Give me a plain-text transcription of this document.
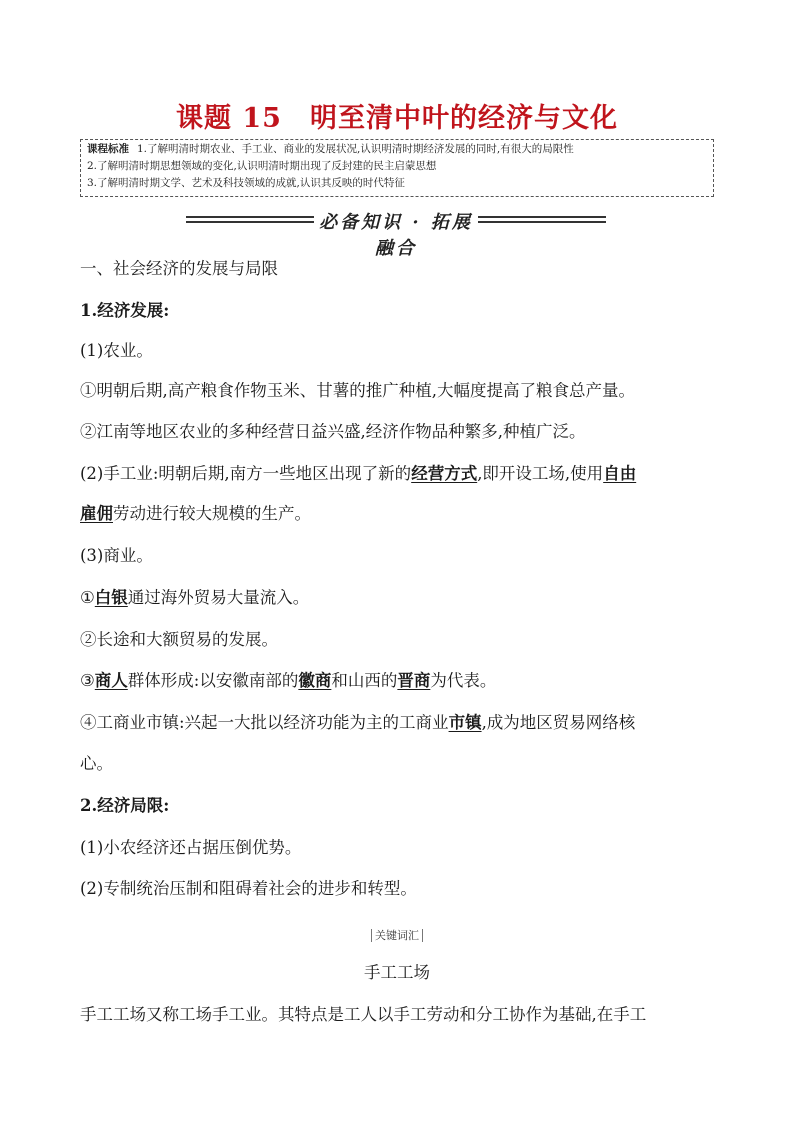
课题 15　明至清中叶的经济与文化
课程标准 1.了解明清时期农业、手工业、商业的发展状况,认识明清时期经济发展的同时,有很大的局限性
2.了解明清时期思想领域的变化,认识明清时期出现了反封建的民主启蒙思想
3.了解明清时期文学、艺术及科技领域的成就,认识其反映的时代特征
必备知识 · 拓展融合
一、社会经济的发展与局限
1.经济发展:
(1)农业。
①明朝后期,高产粮食作物玉米、甘薯的推广种植,大幅度提高了粮食总产量。
②江南等地区农业的多种经营日益兴盛,经济作物品种繁多,种植广泛。
(2)手工业:明朝后期,南方一些地区出现了新的经营方式,即开设工场,使用自由
雇佣劳动进行较大规模的生产。
(3)商业。
①白银通过海外贸易大量流入。
②长途和大额贸易的发展。
③商人群体形成:以安徽南部的徽商和山西的晋商为代表。
④工商业市镇:兴起一大批以经济功能为主的工商业市镇,成为地区贸易网络核
心。
2.经济局限:
(1)小农经济还占据压倒优势。
(2)专制统治压制和阻碍着社会的进步和转型。
关键词汇
手工工场
手工工场又称工场手工业。其特点是工人以手工劳动和分工协作为基础,在手工
